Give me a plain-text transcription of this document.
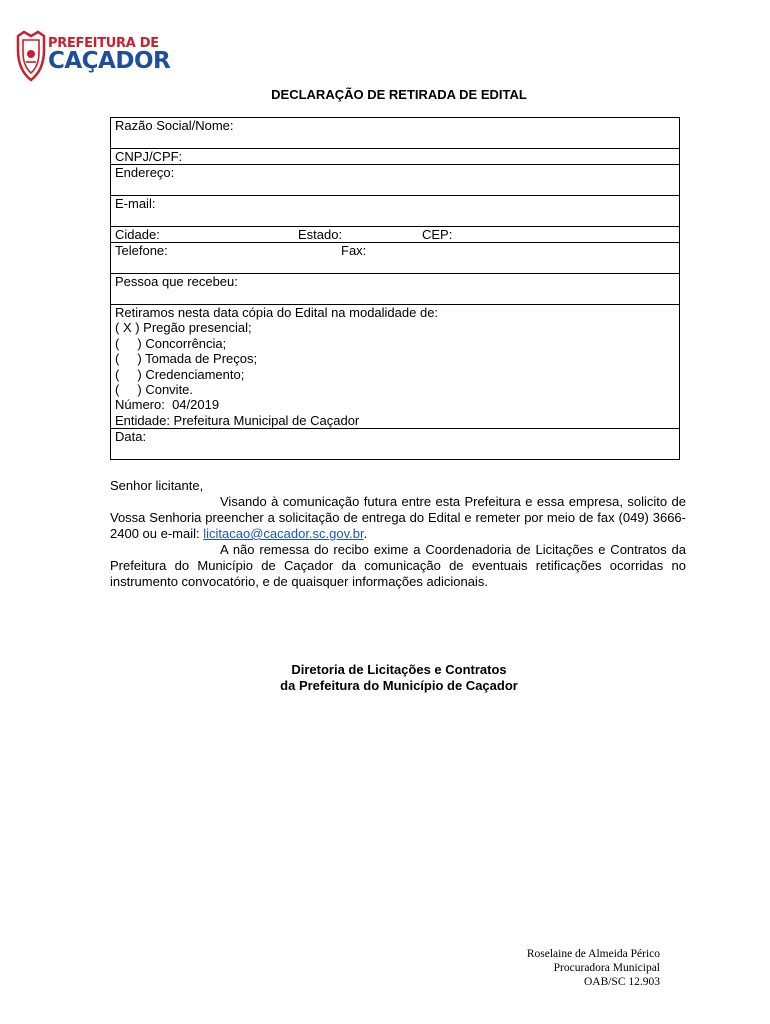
PREFEITURA DE
CAÇADOR
DECLARAÇÃO DE RETIRADA DE EDITAL
Razão Social/Nome:
CNPJ/CPF:
Endereço:
E-mail:
Cidade:	Estado:	CEP:
Telefone:	Fax:
Pessoa que recebeu:
Retiramos nesta data cópia do Edital na modalidade de:
( X ) Pregão presencial;
(     ) Concorrência;
(     ) Tomada de Preços;
(     ) Credenciamento;
(     ) Convite.
Número:  04/2019
Entidade: Prefeitura Municipal de Caçador
Data:

Senhor licitante,

Visando à comunicação futura entre esta Prefeitura e essa empresa, solicito de Vossa Senhoria preencher a solicitação de entrega do Edital e remeter por meio de fax (049) 3666-2400 ou e-mail: licitacao@cacador.sc.gov.br.

A não remessa do recibo exime a Coordenadoria de Licitações e Contratos da Prefeitura do Município de Caçador da comunicação de eventuais retificações ocorridas no instrumento convocatório, e de quaisquer informações adicionais.

Diretoria de Licitações e Contratos
da Prefeitura do Município de Caçador
Roselaine de Almeida Périco
Procuradora Municipal
OAB/SC 12.903
